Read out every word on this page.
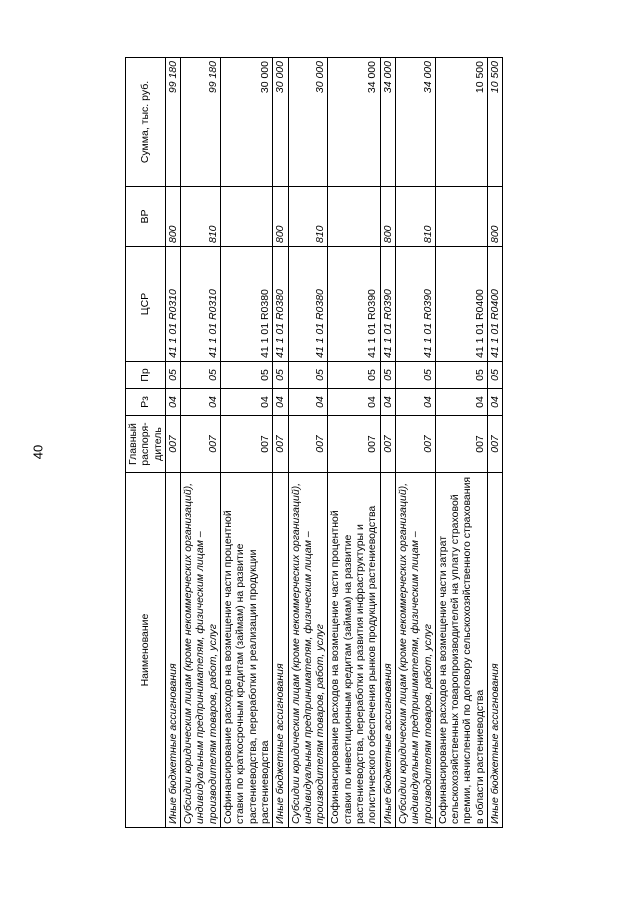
40
Наименование	Главный распоря- дитель	Рз	Пр	ЦСР	ВР	Сумма, тыс. руб.
Иные бюджетные ассигнования	007	04	05	41 1 01 R0310	800	99 180
Субсидии юридическим лицам (кроме некоммерческих организаций), индивидуальным предпринимателям, физическим лицам – производителям товаров, работ, услуг	007	04	05	41 1 01 R0310	810	99 180
Софинансирование расходов на возмещение части процентной ставки по краткосрочным кредитам (займам) на развитие растениеводства, переработки и реализации продукции растениеводства	007	04	05	41 1 01 R0380		30 000
Иные бюджетные ассигнования	007	04	05	41 1 01 R0380	800	30 000
Субсидии юридическим лицам (кроме некоммерческих организаций), индивидуальным предпринимателям, физическим лицам – производителям товаров, работ, услуг	007	04	05	41 1 01 R0380	810	30 000
Софинансирование расходов на возмещение части процентной ставки по инвестиционным кредитам (займам) на развитие растениеводства, переработки и развития инфраструктуры и логистического обеспечения рынков продукции растениеводства	007	04	05	41 1 01 R0390		34 000
Иные бюджетные ассигнования	007	04	05	41 1 01 R0390	800	34 000
Субсидии юридическим лицам (кроме некоммерческих организаций), индивидуальным предпринимателям, физическим лицам – производителям товаров, работ, услуг	007	04	05	41 1 01 R0390	810	34 000
Софинансирование расходов на возмещение части затрат сельскохозяйственных товаропроизводителей на уплату страховой премии, начисленной по договору сельскохозяйственного страхования в области растениеводства	007	04	05	41 1 01 R0400		10 500
Иные бюджетные ассигнования	007	04	05	41 1 01 R0400	800	10 500
